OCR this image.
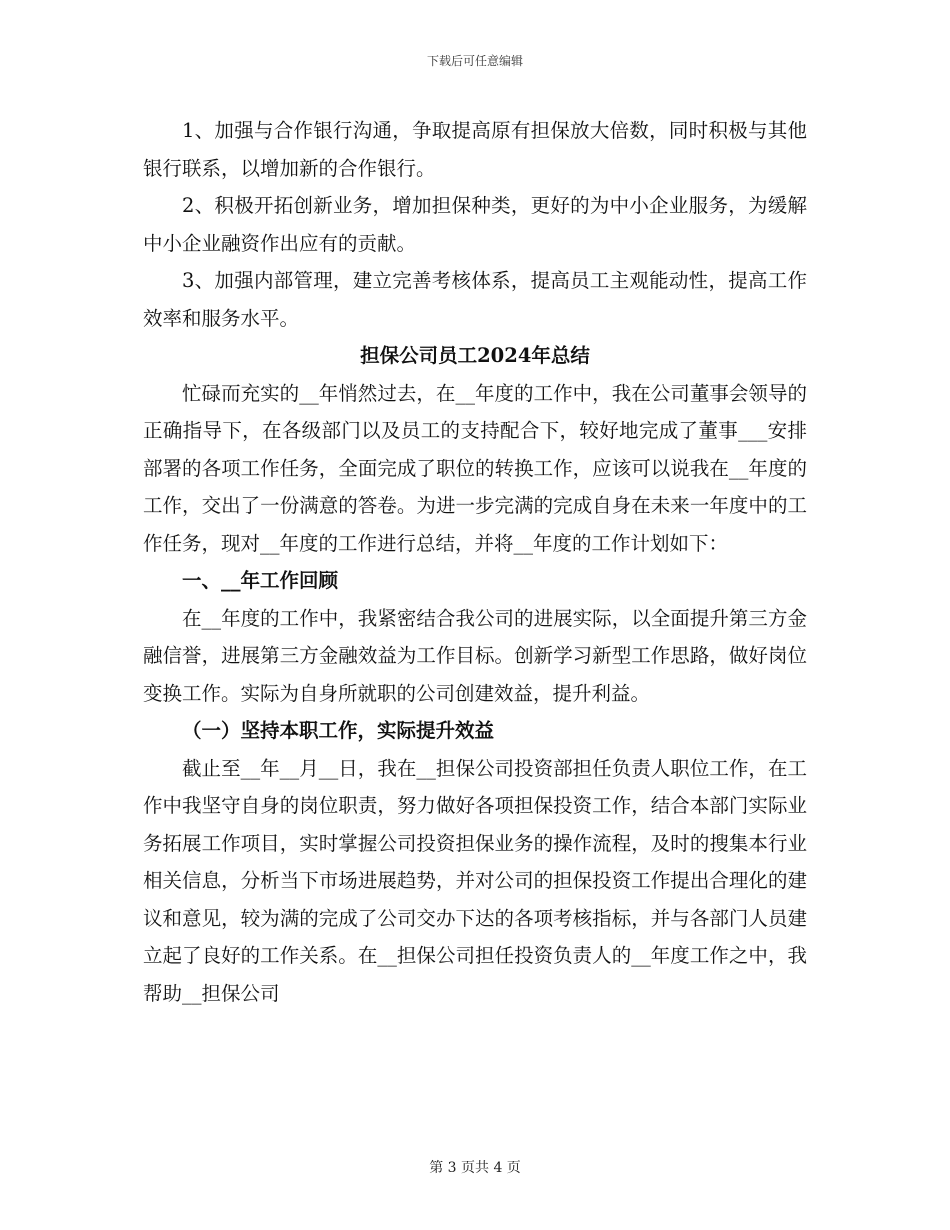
下载后可任意编辑

1、加强与合作银行沟通，争取提高原有担保放大倍数，同时积极与其他银行联系，以增加新的合作银行。

2、积极开拓创新业务，增加担保种类，更好的为中小企业服务，为缓解中小企业融资作出应有的贡献。

3、加强内部管理，建立完善考核体系，提高员工主观能动性，提高工作效率和服务水平。

担保公司员工2024年总结

忙碌而充实的__年悄然过去，在__年度的工作中，我在公司董事会领导的正确指导下，在各级部门以及员工的支持配合下，较好地完成了董事___安排部署的各项工作任务，全面完成了职位的转换工作，应该可以说我在__年度的工作，交出了一份满意的答卷。为进一步完满的完成自身在未来一年度中的工作任务，现对__年度的工作进行总结，并将__年度的工作计划如下：

一、__年工作回顾

在__年度的工作中，我紧密结合我公司的进展实际，以全面提升第三方金融信誉，进展第三方金融效益为工作目标。创新学习新型工作思路，做好岗位变换工作。实际为自身所就职的公司创建效益，提升利益。

（一）坚持本职工作，实际提升效益

截止至__年__月__日，我在__担保公司投资部担任负责人职位工作，在工作中我坚守自身的岗位职责，努力做好各项担保投资工作，结合本部门实际业务拓展工作项目，实时掌握公司投资担保业务的操作流程，及时的搜集本行业相关信息，分析当下市场进展趋势，并对公司的担保投资工作提出合理化的建议和意见，较为满的完成了公司交办下达的各项考核指标，并与各部门人员建立起了良好的工作关系。在__担保公司担任投资负责人的__年度工作之中，我帮助__担保公司

第 3 页共 4 页
